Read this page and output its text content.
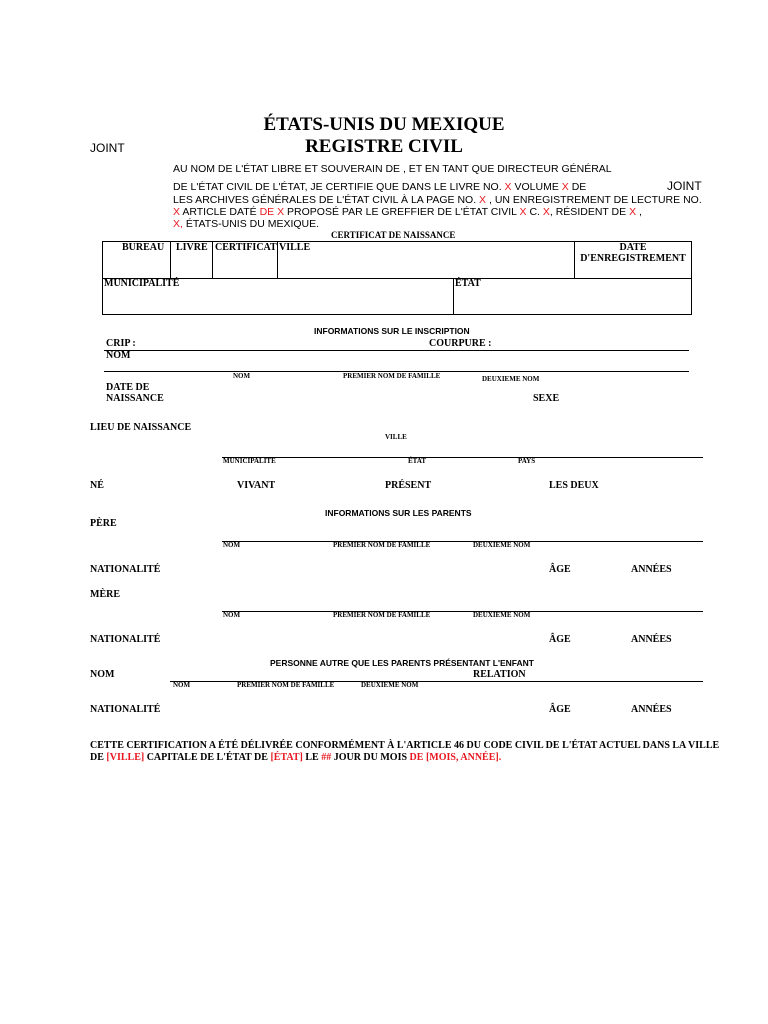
ÉTATS-UNIS DU MEXIQUE
REGISTRE CIVIL
JOINT
JOINT
AU NOM DE L'ÉTAT LIBRE ET SOUVERAIN DE , ET EN TANT QUE DIRECTEUR GÉNÉRAL
DE L'ÉTAT CIVIL DE L'ÉTAT, JE CERTIFIE QUE DANS LE LIVRE NO. X VOLUME X DE
LES ARCHIVES GÉNÉRALES DE L'ÉTAT CIVIL À LA PAGE NO. X , UN ENREGISTREMENT DE LECTURE NO.
X ARTICLE DATÉ DE X PROPOSÉ PAR LE GREFFIER DE L'ÉTAT CIVIL X C. X, RÉSIDENT DE X ,
X, ÉTATS-UNIS DU MEXIQUE.
CERTIFICAT DE NAISSANCE
BUREAU LIVRE CERTIFICAT VILLE	DATE
D'ENREGISTREMENT
MUNICIPALITÉ	ÉTAT
INFORMATIONS SUR LE INSCRIPTION
CRIP :	COURPURE :
NOM
NOM	PREMIER NOM DE FAMILLE	DEUXIEME NOM
DATE DE
NAISSANCE	SEXE
LIEU DE NAISSANCE
VILLE
MUNICIPALITE	ÉTAT	PAYS
NÉ	VIVANT	PRÉSENT	LES DEUX
INFORMATIONS SUR LES PARENTS
PÈRE
NOM	PREMIER NOM DE FAMILLE	DEUXIEME NOM
NATIONALITÉ	ÂGE	ANNÉES
MÈRE
NOM	PREMIER NOM DE FAMILLE	DEUXIEME NOM
NATIONALITÉ	ÂGE	ANNÉES
PERSONNE AUTRE QUE LES PARENTS PRÉSENTANT L'ENFANT
NOM	RELATION
NOM	PREMIER NOM DE FAMILLE	DEUXIEME NOM
NATIONALITÉ	ÂGE	ANNÉES
CETTE CERTIFICATION A ÉTÉ DÉLIVRÉE CONFORMÉMENT À L'ARTICLE 46 DU CODE CIVIL DE L'ÉTAT ACTUEL DANS LA VILLE
DE [VILLE] CAPITALE DE L'ÉTAT DE [ÉTAT] LE ## JOUR DU MOIS DE [MOIS, ANNÉE].
